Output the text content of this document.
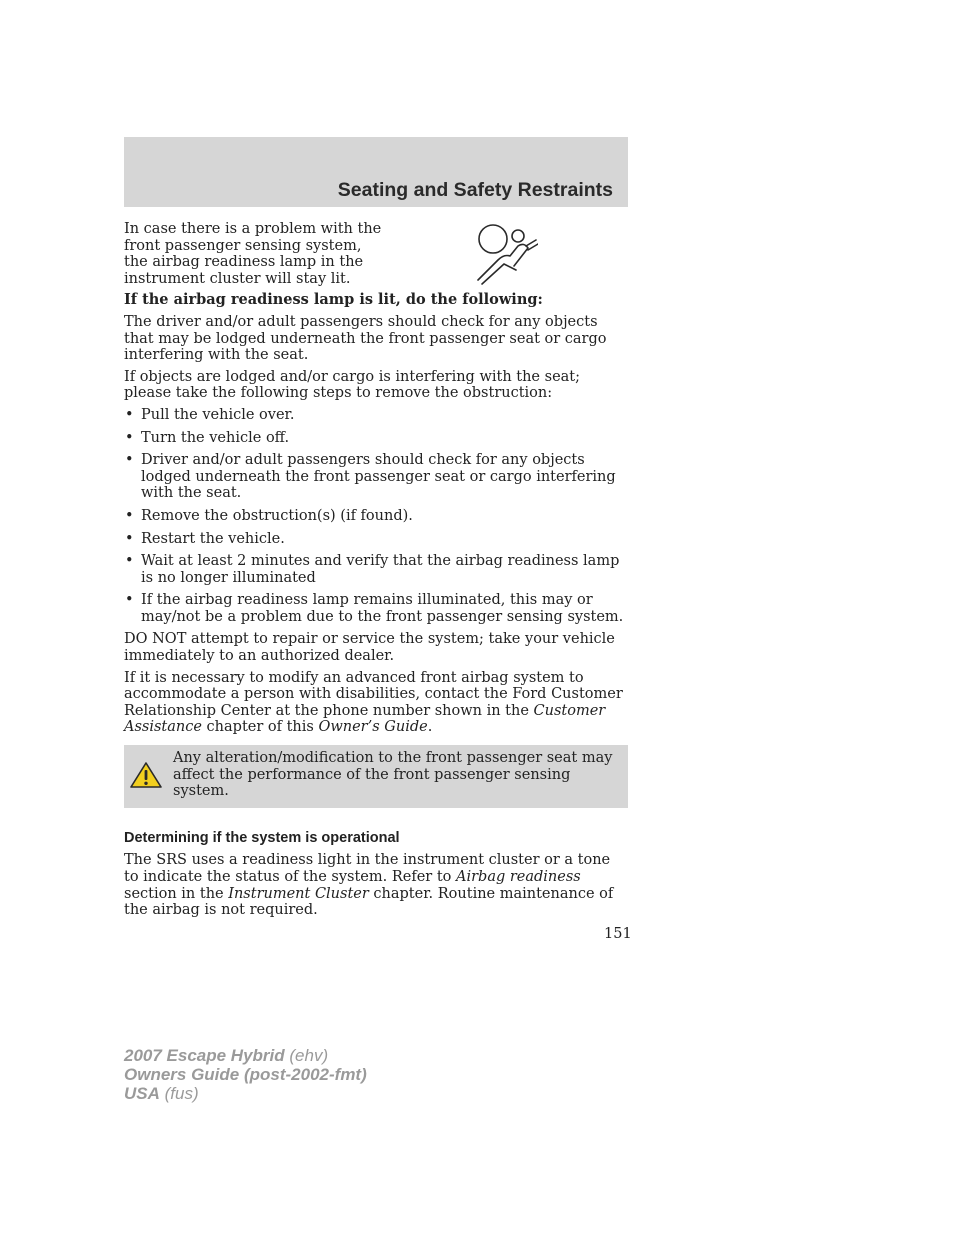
Seating and Safety Restraints

In case there is a problem with the front passenger sensing system, the airbag readiness lamp in the instrument cluster will stay lit.

If the airbag readiness lamp is lit, do the following:

The driver and/or adult passengers should check for any objects that may be lodged underneath the front passenger seat or cargo interfering with the seat.

If objects are lodged and/or cargo is interfering with the seat; please take the following steps to remove the obstruction:

• Pull the vehicle over.
• Turn the vehicle off.
• Driver and/or adult passengers should check for any objects lodged underneath the front passenger seat or cargo interfering with the seat.
• Remove the obstruction(s) (if found).
• Restart the vehicle.
• Wait at least 2 minutes and verify that the airbag readiness lamp is no longer illuminated
• If the airbag readiness lamp remains illuminated, this may or may/not be a problem due to the front passenger sensing system.

DO NOT attempt to repair or service the system; take your vehicle immediately to an authorized dealer.

If it is necessary to modify an advanced front airbag system to accommodate a person with disabilities, contact the Ford Customer Relationship Center at the phone number shown in the Customer Assistance chapter of this Owner’s Guide.

Any alteration/modification to the front passenger seat may affect the performance of the front passenger sensing system.
Determining if the system is operational

The SRS uses a readiness light in the instrument cluster or a tone to indicate the status of the system. Refer to Airbag readiness section in the Instrument Cluster chapter. Routine maintenance of the airbag is not required.

151
2007 Escape Hybrid (ehv)
Owners Guide (post-2002-fmt)
USA (fus)
